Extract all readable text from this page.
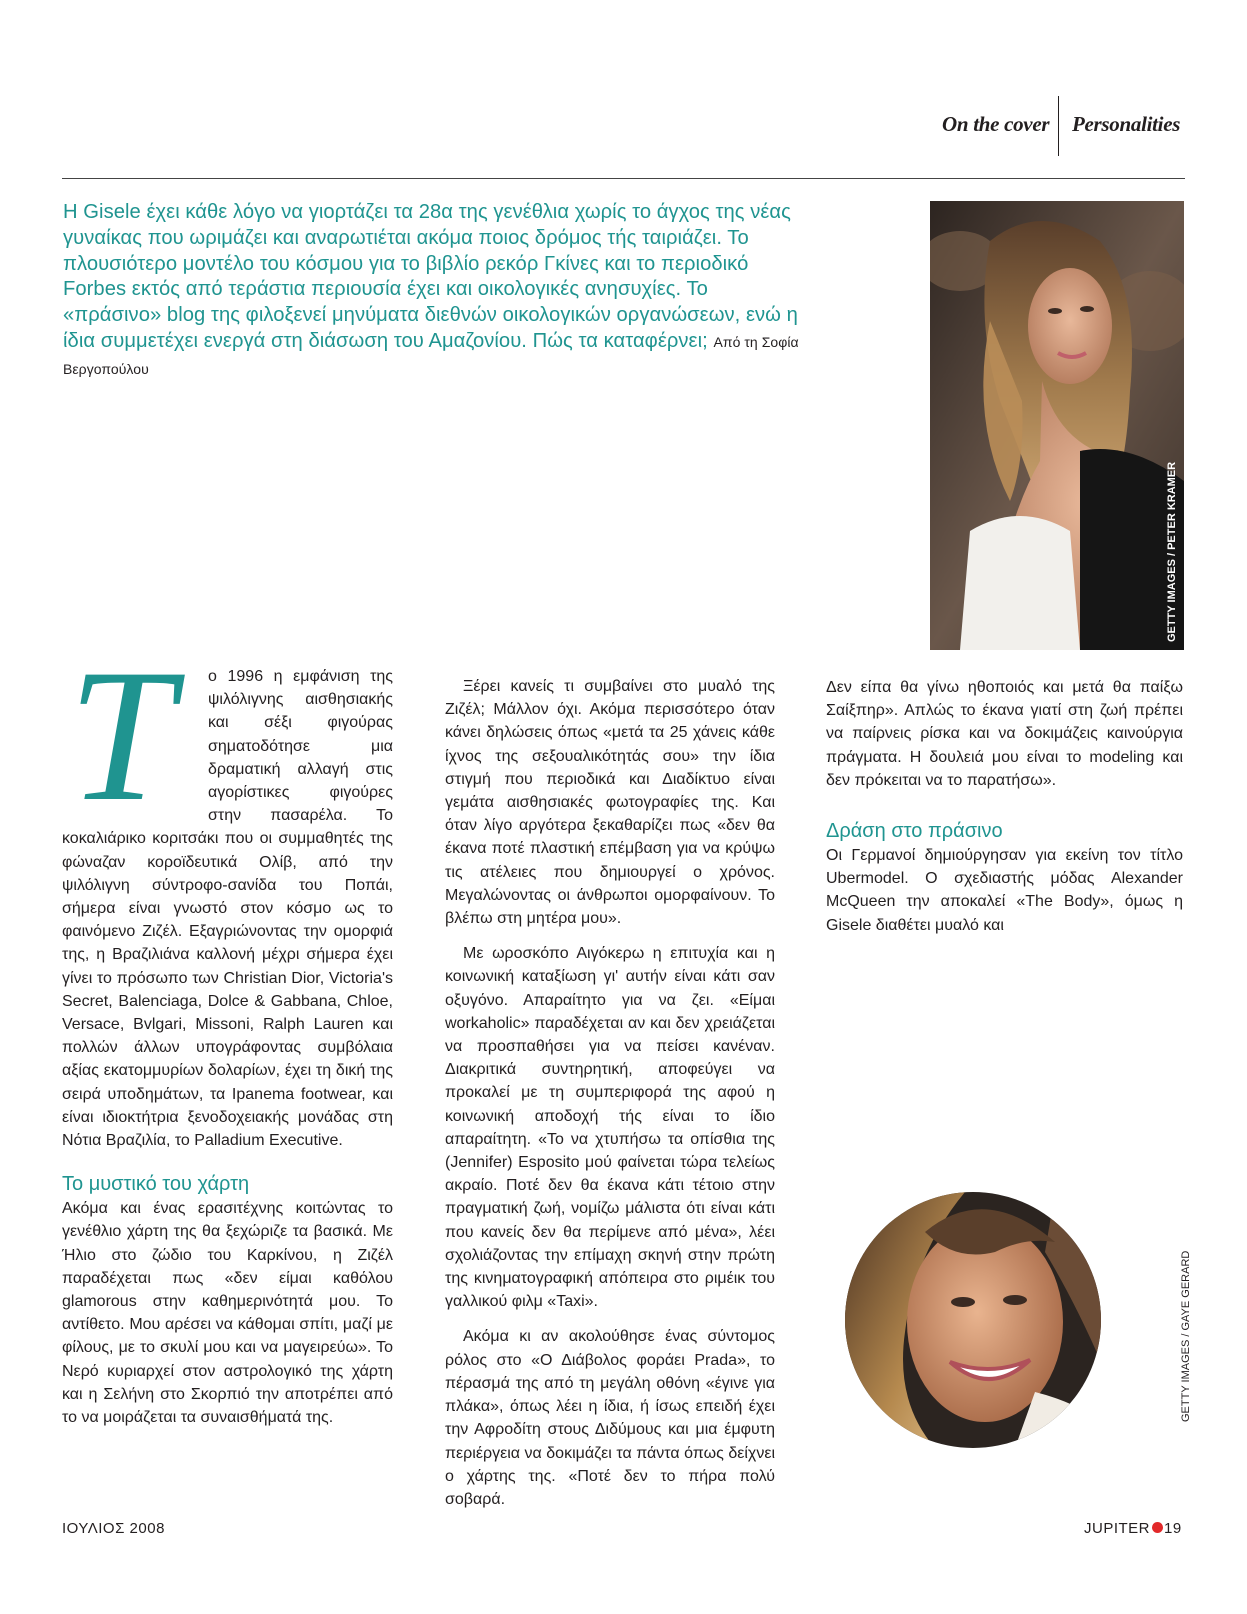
On the cover Personalities
Η Gisele έχει κάθε λόγο να γιορτάζει τα 28α της γενέθλια χωρίς το άγχος της νέας γυναίκας που ωριμάζει και αναρωτιέται ακόμα ποιος δρόμος τής ταιριάζει. Το πλουσιότερο μοντέλο του κόσμου για το βιβλίο ρεκόρ Γκίνες και το περιοδικό Forbes εκτός από τεράστια περιουσία έχει και οικολογικές ανησυχίες. Το «πράσινο» blog της φιλοξενεί μηνύματα διεθνών οικολογικών οργανώσεων, ενώ η ίδια συμμετέχει ενεργά στη διάσωση του Αμαζονίου. Πώς τα καταφέρνει; Από τη Σοφία Βεργοπούλου
GETTY IMAGES / PETER KRAMER
Τ	ο 1996 η εμφάνιση της ψιλόλιγνης αισθησιακής και σέξι φιγούρας σηματοδότησε μια δραματική αλλαγή στις αγορίστικες φιγούρες στην πασαρέλα. Το κοκαλιάρικο κοριτσάκι που οι συμμαθητές της φώναζαν κοροϊδευτικά Ολίβ, από την ψιλόλιγνη σύντροφο-σανίδα του Ποπάι, σήμερα είναι γνωστό στον κόσμο ως το φαινόμενο Ζιζέλ. Εξαγριώνοντας την ομορφιά της, η Βραζιλιάνα καλλονή μέχρι σήμερα έχει γίνει το πρόσωπο των Christian Dior, Victoria's Secret, Balenciaga, Dolce & Gabbana, Chloe, Versace, Bvlgari, Missoni, Ralph Lauren και πολλών άλλων υπογράφοντας συμβόλαια αξίας εκατομμυρίων δολαρίων, έχει τη δική της σειρά υποδημάτων, τα Ipanema footwear, και είναι ιδιοκτήτρια ξενοδοχειακής μονάδας στη Νότια Βραζιλία, το Palladium Executive.

Το μυστικό του χάρτη

Ακόμα και ένας ερασιτέχνης κοιτώντας το γενέθλιο χάρτη της θα ξεχώριζε τα βασικά. Με Ήλιο στο ζώδιο του Καρκίνου, η Ζιζέλ παραδέχεται πως «δεν είμαι καθόλου glamorous στην καθημερινότητά μου. Το αντίθετο. Μου αρέσει να κάθομαι σπίτι, μαζί με φίλους, με το σκυλί μου και να μαγειρεύω». Το Νερό κυριαρχεί στον αστρολογικό της χάρτη και η Σελήνη στο Σκορπιό την αποτρέπει από το να μοιράζεται τα συναισθήματά της.

Ξέρει κανείς τι συμβαίνει στο μυαλό της Ζιζέλ; Μάλλον όχι. Ακόμα περισσότερο όταν κάνει δηλώσεις όπως «μετά τα 25 χάνεις κάθε ίχνος της σεξουαλικότητάς σου» την ίδια στιγμή που περιοδικά και Διαδίκτυο είναι γεμάτα αισθησιακές φωτογραφίες της. Και όταν λίγο αργότερα ξεκαθαρίζει πως «δεν θα έκανα ποτέ πλαστική επέμβαση για να κρύψω τις ατέλειες που δημιουργεί ο χρόνος. Μεγαλώνοντας οι άνθρωποι ομορφαίνουν. Το βλέπω στη μητέρα μου».

Με ωροσκόπο Αιγόκερω η επιτυχία και η κοινωνική καταξίωση γι' αυτήν είναι κάτι σαν οξυγόνο. Απαραίτητο για να ζει. «Είμαι workaholic» παραδέχεται αν και δεν χρειάζεται να προσπαθήσει για να πείσει κανέναν. Διακριτικά συντηρητική, αποφεύγει να προκαλεί με τη συμπεριφορά της αφού η κοινωνική αποδοχή τής είναι το ίδιο απαραίτητη. «Το να χτυπήσω τα οπίσθια της (Jennifer) Esposito μού φαίνεται τώρα τελείως ακραίο. Ποτέ δεν θα έκανα κάτι τέτοιο στην πραγματική ζωή, νομίζω μάλιστα ότι είναι κάτι που κανείς δεν θα περίμενε από μένα», λέει σχολιάζοντας την επίμαχη σκηνή στην πρώτη της κινηματογραφική απόπειρα στο ριμέικ του γαλλικού φιλμ «Taxi».

Ακόμα κι αν ακολούθησε ένας σύντομος ρόλος στο «Ο Διάβολος φοράει Prada», το πέρασμά της από τη μεγάλη οθόνη «έγινε για πλάκα», όπως λέει η ίδια, ή ίσως επειδή έχει την Αφροδίτη στους Διδύμους και μια έμφυτη περιέργεια να δοκιμάζει τα πάντα όπως δείχνει ο χάρτης της. «Ποτέ δεν το πήρα πολύ σοβαρά.

Δεν είπα θα γίνω ηθοποιός και μετά θα παίξω Σαίξπηρ». Απλώς το έκανα γιατί στη ζωή πρέπει να παίρνεις ρίσκα και να δοκιμάζεις καινούργια πράγματα. Η δουλειά μου είναι το modeling και δεν πρόκειται να το παρατήσω».

Δράση στο πράσινο

Οι Γερμανοί δημιούργησαν για εκείνη τον τίτλο Ubermodel. Ο σχεδιαστής μόδας Alexander McQueen την αποκαλεί «The Body», όμως η Gisele διαθέτει μυαλό και

GETTY IMAGES / GAYE GERARD
ΙΟΥΛΙΟΣ 2008	JUPITER 19
